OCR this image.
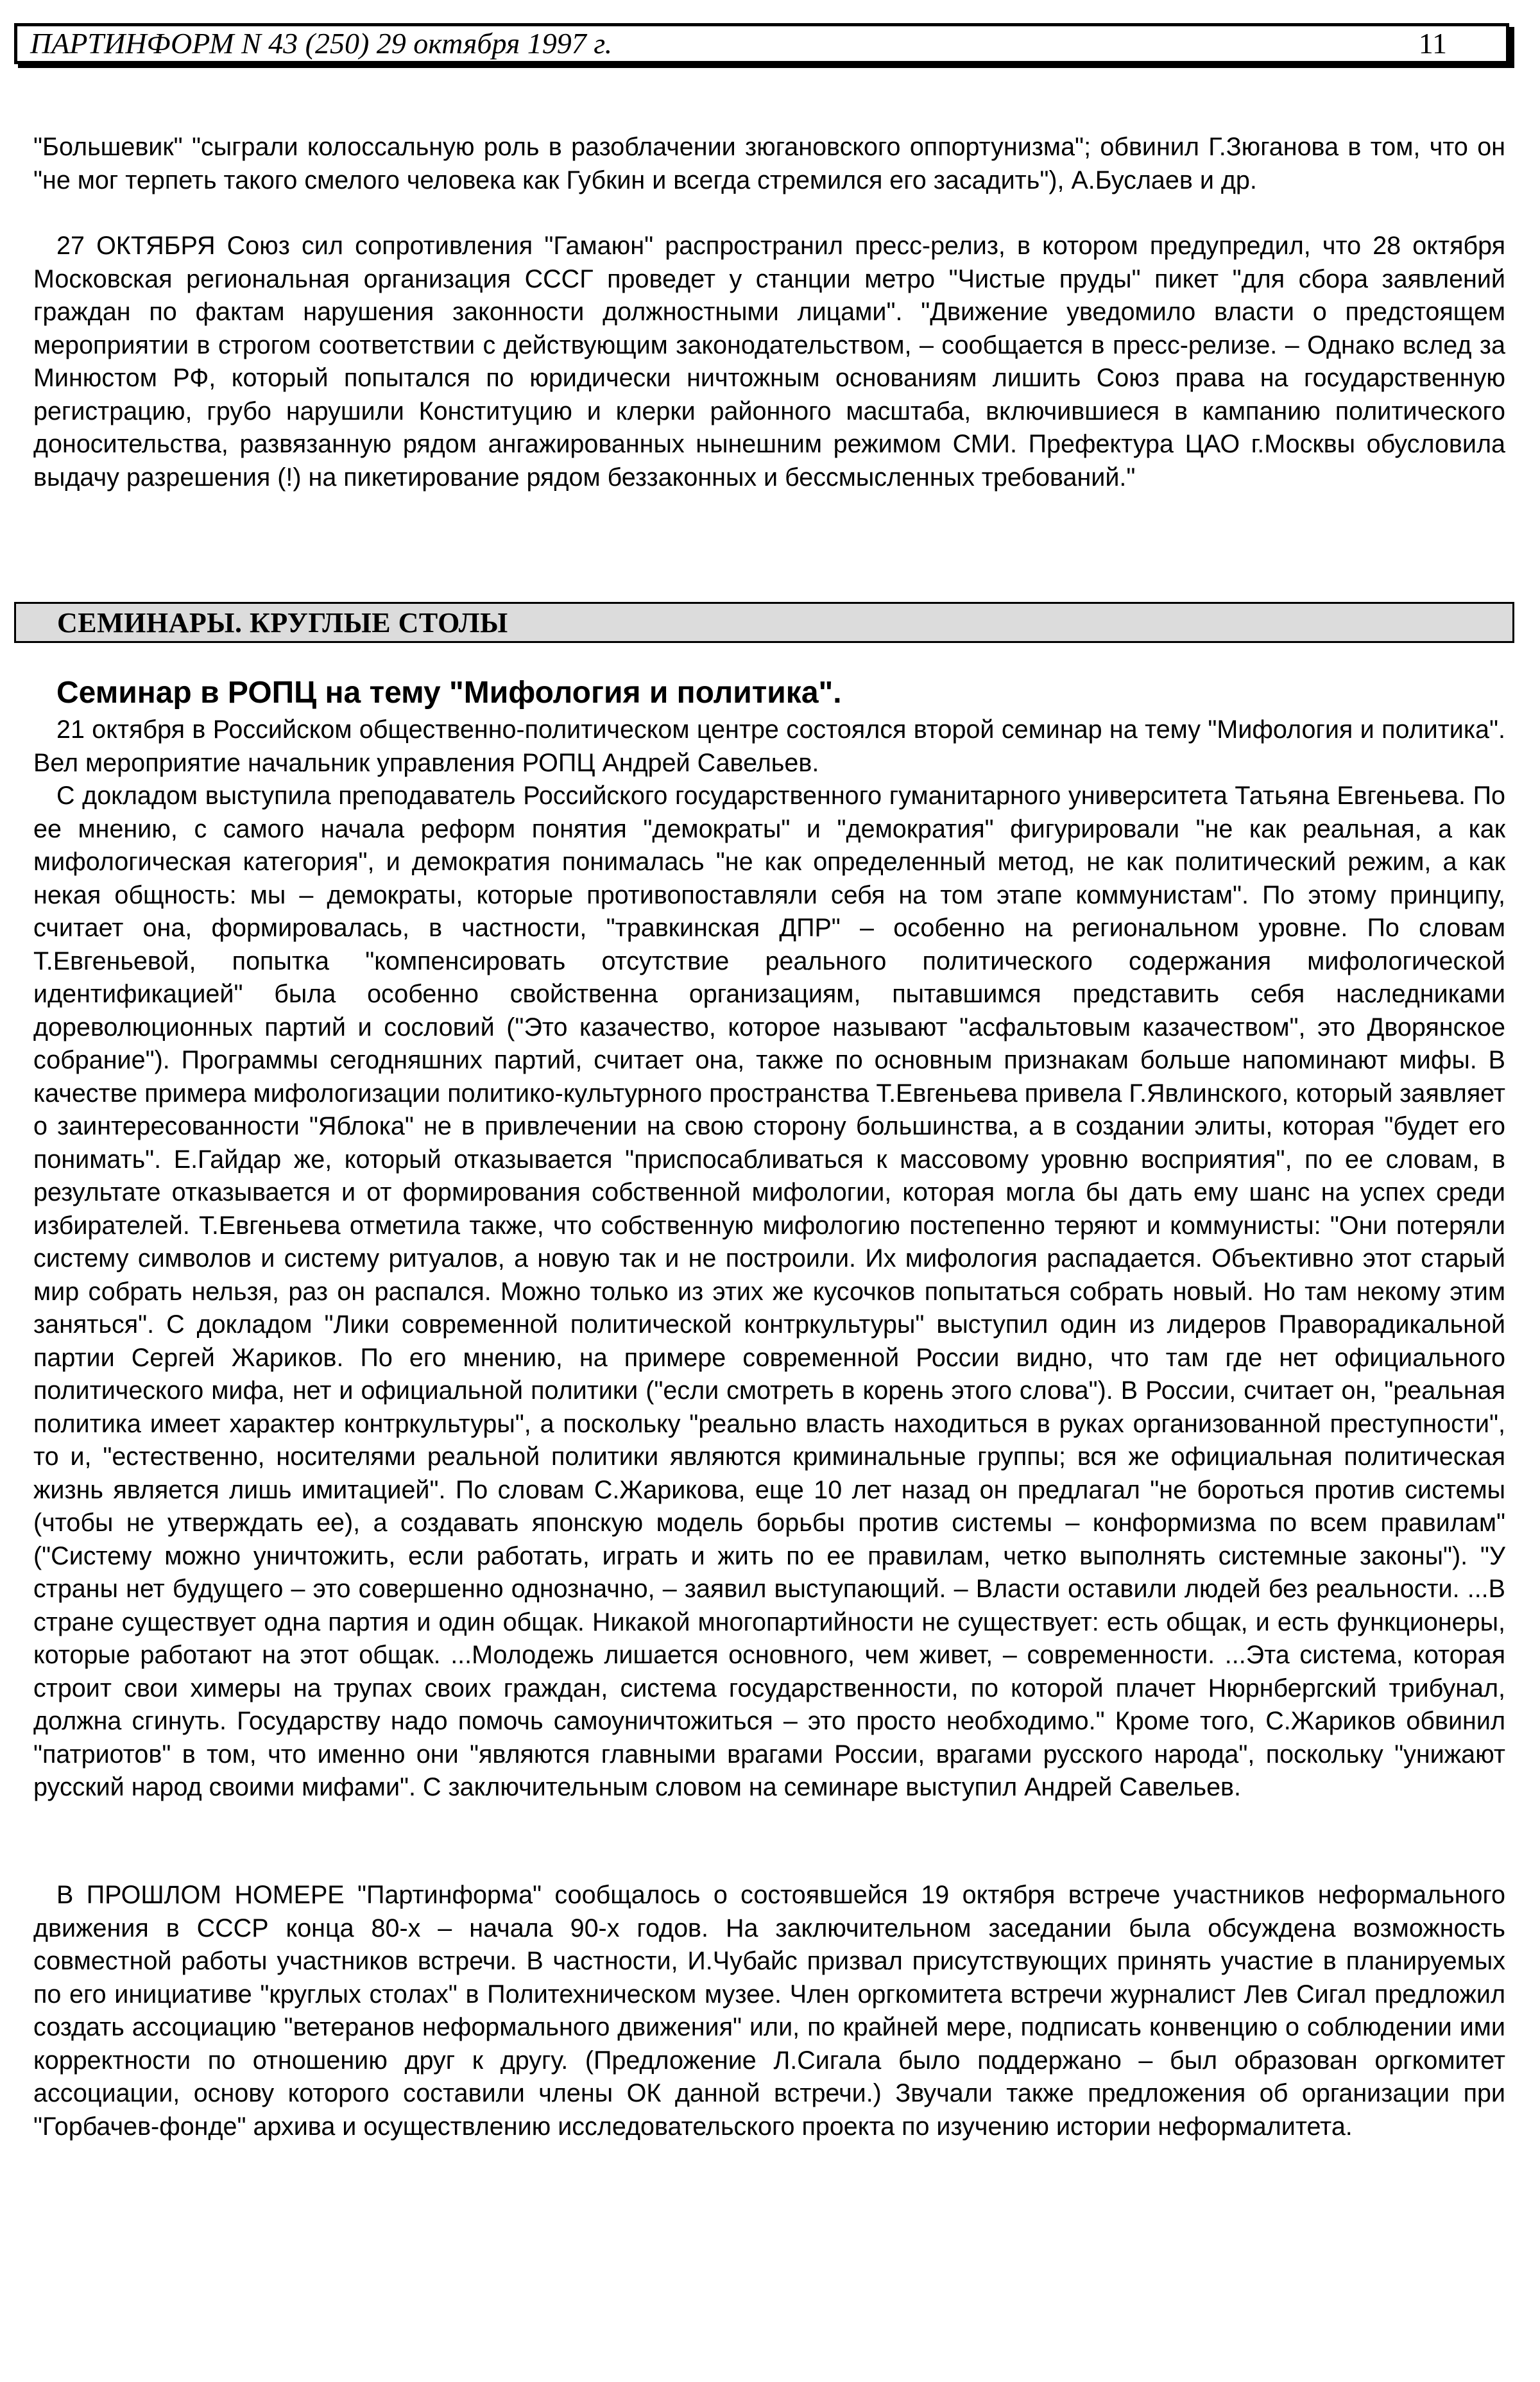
ПАРТИНФОРМ N 43 (250) 29 октября 1997 г.	11

"Большевик" "сыграли колоссальную роль в разоблачении зюгановского оппортунизма"; обвинил Г.Зюганова в том, что он "не мог терпеть такого смелого человека как Губкин и всегда стремился его засадить"), А.Буслаев и др.

27 ОКТЯБРЯ Союз сил сопротивления "Гамаюн" распространил пресс-релиз, в котором предупредил, что 28 октября Московская региональная организация СССГ проведет у станции метро "Чистые пруды" пикет "для сбора заявлений граждан по фактам нарушения законности должностными лицами". "Движение уведомило власти о предстоящем мероприятии в строгом соответствии с действующим законодательством, – сообщается в пресс-релизе. – Однако вслед за Минюстом РФ, который попытался по юридически ничтожным основаниям лишить Союз права на государственную регистрацию, грубо нарушили Конституцию и клерки районного масштаба, включившиеся в кампанию политического доносительства, развязанную рядом ангажированных нынешним режимом СМИ. Префектура ЦАО г.Москвы обусловила выдачу разрешения (!) на пикетирование рядом беззаконных и бессмысленных требований."

СЕМИНАРЫ. КРУГЛЫЕ СТОЛЫ
Семинар в РОПЦ на тему "Мифология и политика".

21 октября в Российском общественно-политическом центре состоялся второй семинар на тему "Мифология и политика". Вел мероприятие начальник управления РОПЦ Андрей Савельев.

С докладом выступила преподаватель Российского государственного гуманитарного университета Татьяна Евгеньева. По ее мнению, с самого начала реформ понятия "демократы" и "демократия" фигурировали "не как реальная, а как мифологическая категория", и демократия понималась "не как определенный метод, не как политический режим, а как некая общность: мы – демократы, которые противопоставляли себя на том этапе коммунистам". По этому принципу, считает она, формировалась, в частности, "травкинская ДПР" – особенно на региональном уровне. По словам Т.Евгеньевой, попытка "компенсировать отсутствие реального политического содержания мифологической идентификацией" была особенно свойственна организациям, пытавшимся представить себя наследниками дореволюционных партий и сословий ("Это казачество, которое называют "асфальтовым казачеством", это Дворянское собрание"). Программы сегодняшних партий, считает она, также по основным признакам больше напоминают мифы. В качестве примера мифологизации политико-культурного пространства Т.Евгеньева привела Г.Явлинского, который заявляет о заинтересованности "Яблока" не в привлечении на свою сторону большинства, а в создании элиты, которая "будет его понимать". Е.Гайдар же, который отказывается "приспосабливаться к массовому уровню восприятия", по ее словам, в результате отказывается и от формирования собственной мифологии, которая могла бы дать ему шанс на успех среди избирателей. Т.Евгеньева отметила также, что собственную мифологию постепенно теряют и коммунисты: "Они потеряли систему символов и систему ритуалов, а новую так и не построили. Их мифология распадается. Объективно этот старый мир собрать нельзя, раз он распался. Можно только из этих же кусочков попытаться собрать новый. Но там некому этим заняться". С докладом "Лики современной политической контркультуры" выступил один из лидеров Праворадикальной партии Сергей Жариков. По его мнению, на примере современной России видно, что там где нет официального политического мифа, нет и официальной политики ("если смотреть в корень этого слова"). В России, считает он, "реальная политика имеет характер контркультуры", а поскольку "реально власть находиться в руках организованной преступности", то и, "естественно, носителями реальной политики являются криминальные группы; вся же официальная политическая жизнь является лишь имитацией". По словам С.Жарикова, еще 10 лет назад он предлагал "не бороться против системы (чтобы не утверждать ее), а создавать японскую модель борьбы против системы – конформизма по всем правилам" ("Систему можно уничтожить, если работать, играть и жить по ее правилам, четко выполнять системные законы"). "У страны нет будущего – это совершенно однозначно, – заявил выступающий. – Власти оставили людей без реальности. ...В стране существует одна партия и один общак. Никакой многопартийности не существует: есть общак, и есть функционеры, которые работают на этот общак. ...Молодежь лишается основного, чем живет, – современности. ...Эта система, которая строит свои химеры на трупах своих граждан, система государственности, по которой плачет Нюрнбергский трибунал, должна сгинуть. Государству надо помочь самоуничтожиться – это просто необходимо." Кроме того, С.Жариков обвинил "патриотов" в том, что именно они "являются главными врагами России, врагами русского народа", поскольку "унижают русский народ своими мифами". С заключительным словом на семинаре выступил Андрей Савельев.

В ПРОШЛОМ НОМЕРЕ "Партинформа" сообщалось о состоявшейся 19 октября встрече участников неформального движения в СССР конца 80-х – начала 90-х годов. На заключительном заседании была обсуждена возможность совместной работы участников встречи. В частности, И.Чубайс призвал присутствующих принять участие в планируемых по его инициативе "круглых столах" в Политехническом музее. Член оргкомитета встречи журналист Лев Сигал предложил создать ассоциацию "ветеранов неформального движения" или, по крайней мере, подписать конвенцию о соблюдении ими корректности по отношению друг к другу. (Предложение Л.Сигала было поддержано – был образован оргкомитет ассоциации, основу которого составили члены ОК данной встречи.) Звучали также предложения об организации при "Горбачев-фонде" архива и осуществлению исследовательского проекта по изучению истории неформалитета.
